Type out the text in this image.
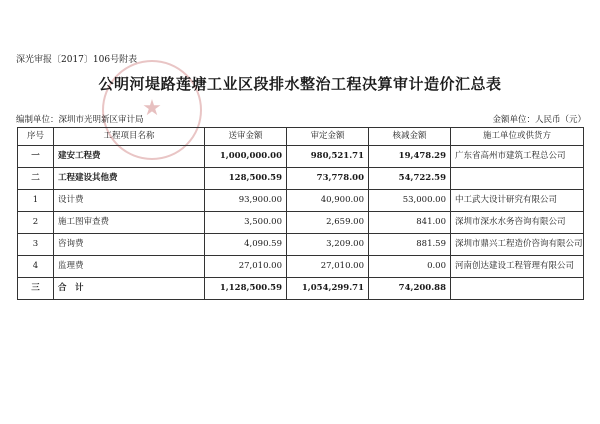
深光审报〔2017〕106号附表
★
公明河堤路莲塘工业区段排水整治工程决算审计造价汇总表
编制单位：深圳市光明新区审计局	金额单位：人民币（元）
序号	工程项目名称	送审金额	审定金额	核减金额	施工单位或供货方
一	建安工程费	1,000,000.00	980,521.71	19,478.29	广东省高州市建筑工程总公司
二	工程建设其他费	128,500.59	73,778.00	54,722.59	
1	设计费	93,900.00	40,900.00	53,000.00	中工武大设计研究有限公司
2	施工图审查费	3,500.00	2,659.00	841.00	深圳市深水水务咨询有限公司
3	咨询费	4,090.59	3,209.00	881.59	深圳市鼎兴工程造价咨询有限公司
4	监理费	27,010.00	27,010.00	0.00	河南创达建设工程管理有限公司
三	合　计	1,128,500.59	1,054,299.71	74,200.88	
